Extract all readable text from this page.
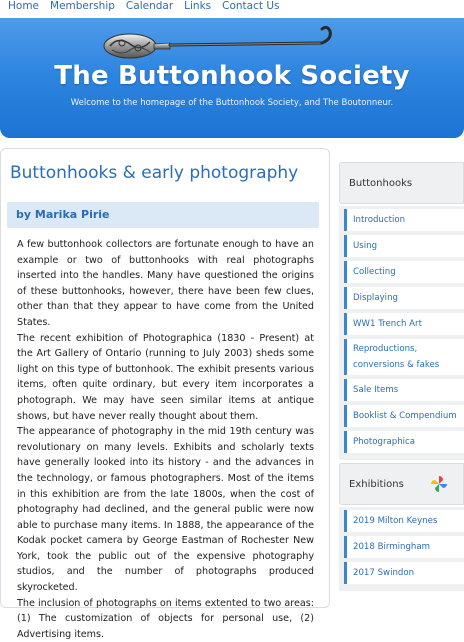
Home Membership Calendar Links Contact Us
The Buttonhook Society
Welcome to the homepage of the Buttonhook Society, and The Boutonneur.
Buttonhooks & early photography
by Marika Pirie

A few buttonhook collectors are fortunate enough to have an example or two of buttonhooks with real photographs inserted into the handles. Many have questioned the origins of these buttonhooks, however, there have been few clues, other than that they appear to have come from the United States.

The recent exhibition of Photographica (1830 - Present) at the Art Gallery of Ontario (running to July 2003) sheds some light on this type of buttonhook. The exhibit presents various items, often quite ordinary, but every item incorporates a photograph. We may have seen similar items at antique shows, but have never really thought about them.

The appearance of photography in the mid 19th century was revolutionary on many levels. Exhibits and scholarly texts have generally looked into its history - and the advances in the technology, or famous photographers. Most of the items in this exhibition are from the late 1800s, when the cost of photography had declined, and the general public were now able to purchase many items. In 1888, the appearance of the Kodak pocket camera by George Eastman of Rochester New York, took the public out of the expensive photography studios, and the number of photographs produced skyrocketed.

The inclusion of photographs on items extented to two areas: (1) The customization of objects for personal use, (2) Advertising items.

Buttonhooks
Introduction
Using
Collecting
Displaying
WW1 Trench Art
Reproductions, conversions & fakes
Sale Items
Booklist & Compendium
Photographica
Exhibitions
2019 Milton Keynes
2018 Birmingham
2017 Swindon
